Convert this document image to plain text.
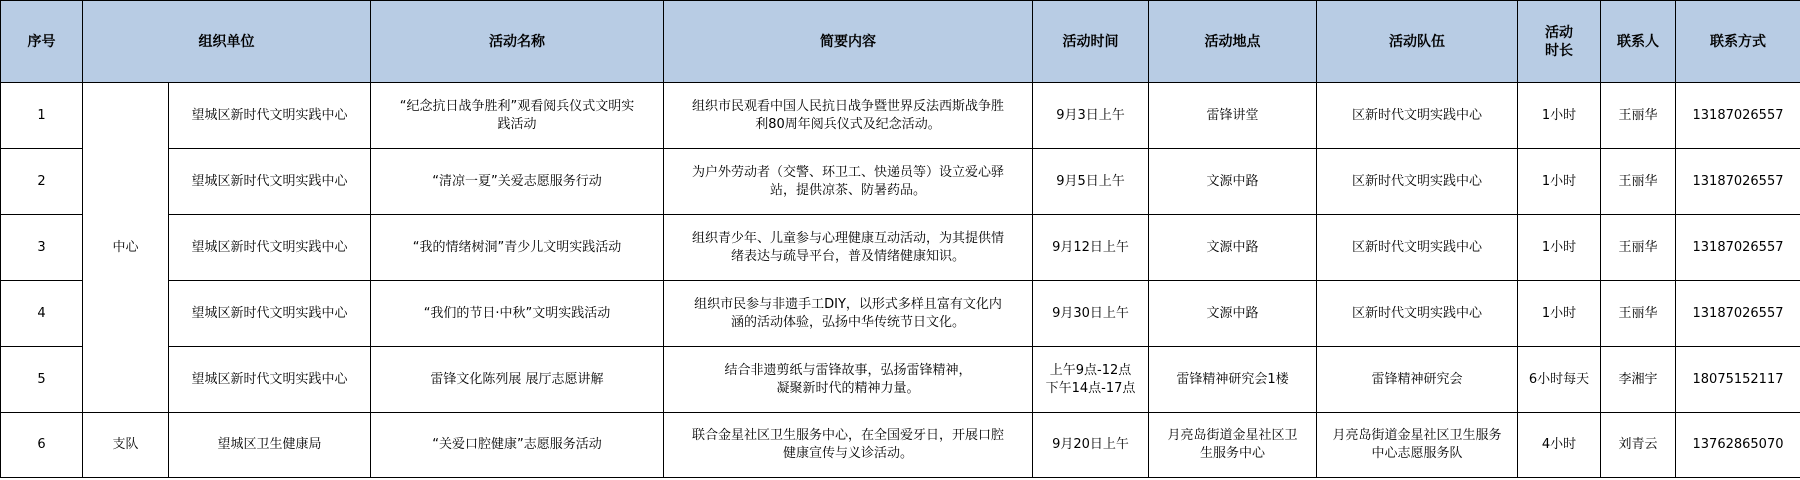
序号	组织单位		活动名称	简要内容	活动时间	活动地点	活动队伍	活动
时长	联系人	联系方式
1	中心	望城区新时代文明实践中心	“纪念抗日战争胜利”观看阅兵仪式文明实
践活动	组织市民观看中国人民抗日战争暨世界反法西斯战争胜
利80周年阅兵仪式及纪念活动。	9月3日上午	雷锋讲堂	区新时代文明实践中心	1小时	王丽华	13187026557
2		望城区新时代文明实践中心	“清凉一夏”关爱志愿服务行动	为户外劳动者（交警、环卫工、快递员等）设立爱心驿
站，提供凉茶、防暑药品。	9月5日上午	文源中路	区新时代文明实践中心	1小时	王丽华	13187026557
3		望城区新时代文明实践中心	“我的情绪树洞”青少儿文明实践活动	组织青少年、儿童参与心理健康互动活动，为其提供情
绪表达与疏导平台，普及情绪健康知识。	9月12日上午	文源中路	区新时代文明实践中心	1小时	王丽华	13187026557
4		望城区新时代文明实践中心	“我们的节日·中秋”文明实践活动	组织市民参与非遗手工DIY，以形式多样且富有文化内
涵的活动体验，弘扬中华传统节日文化。	9月30日上午	文源中路	区新时代文明实践中心	1小时	王丽华	13187026557
5		望城区新时代文明实践中心	雷锋文化陈列展 展厅志愿讲解	结合非遗剪纸与雷锋故事，弘扬雷锋精神，
凝聚新时代的精神力量。	上午9点-12点
下午14点-17点	雷锋精神研究会1楼	雷锋精神研究会	6小时每天	李湘宇	18075152117
6	支队	望城区卫生健康局	“关爱口腔健康”志愿服务活动	联合金星社区卫生服务中心，在全国爱牙日，开展口腔
健康宣传与义诊活动。	9月20日上午	月亮岛街道金星社区卫
生服务中心	月亮岛街道金星社区卫生服务
中心志愿服务队	4小时	刘青云	13762865070
